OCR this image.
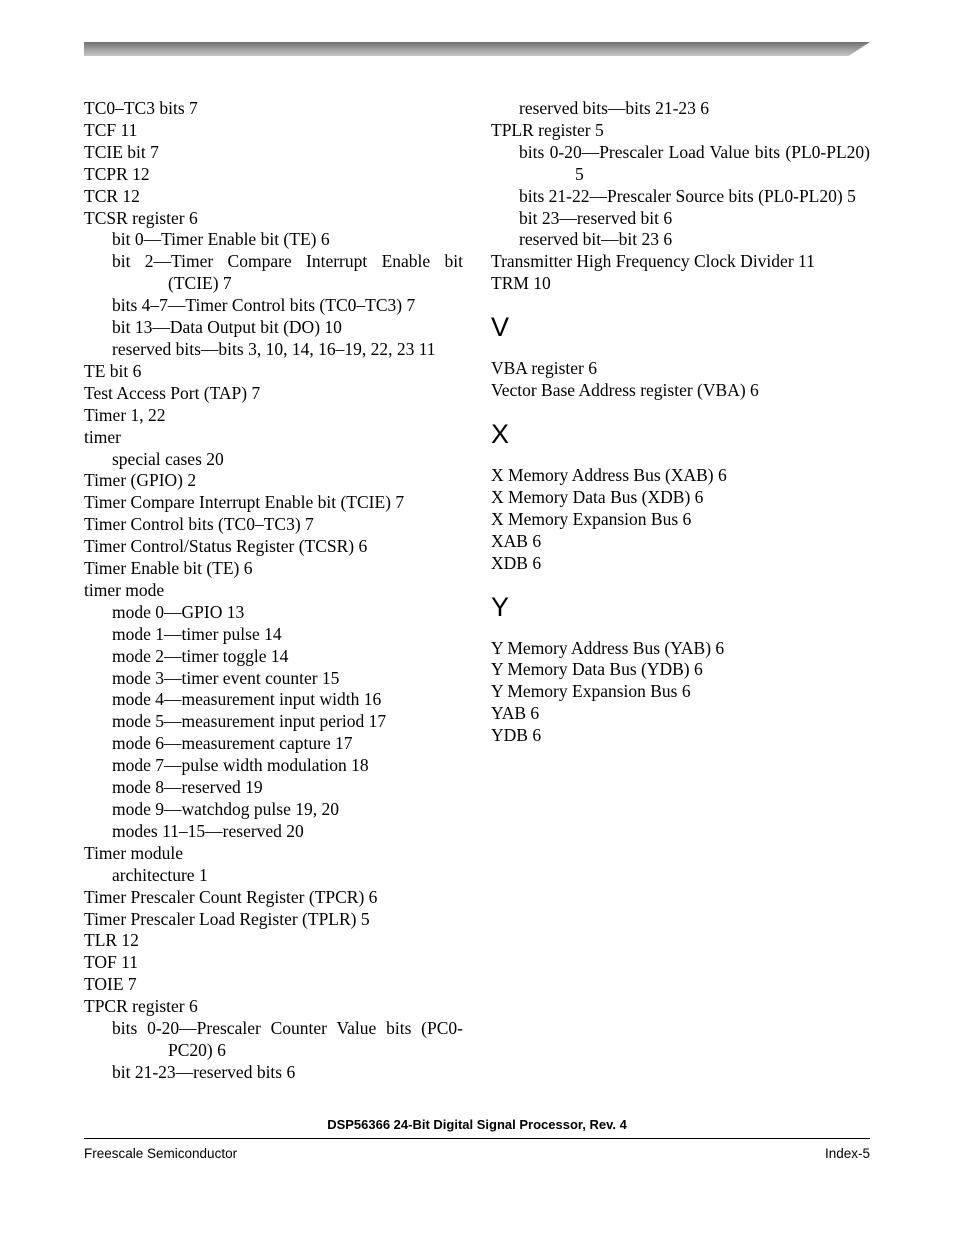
TC0–TC3 bits 7

TCF 11

TCIE bit 7

TCPR 12

TCR 12

TCSR register 6

bit 0—Timer Enable bit (TE) 6

bit 2—Timer Compare Interrupt Enable bit (TCIE) 7

bits 4–7—Timer Control bits (TC0–TC3) 7

bit 13—Data Output bit (DO) 10

reserved bits—bits 3, 10, 14, 16–19, 22, 23 11

TE bit 6

Test Access Port (TAP) 7

Timer 1, 22

timer

special cases 20

Timer (GPIO) 2

Timer Compare Interrupt Enable bit (TCIE) 7

Timer Control bits (TC0–TC3) 7

Timer Control/Status Register (TCSR) 6

Timer Enable bit (TE) 6

timer mode

mode 0—GPIO 13

mode 1—timer pulse 14

mode 2—timer toggle 14

mode 3—timer event counter 15

mode 4—measurement input width 16

mode 5—measurement input period 17

mode 6—measurement capture 17

mode 7—pulse width modulation 18

mode 8—reserved 19

mode 9—watchdog pulse 19, 20

modes 11–15—reserved 20

Timer module

architecture 1

Timer Prescaler Count Register (TPCR) 6

Timer Prescaler Load Register (TPLR) 5

TLR 12

TOF 11

TOIE 7

TPCR register 6

bits 0-20—Prescaler Counter Value bits (PC0-PC20) 6

bit 21-23—reserved bits 6

reserved bits—bits 21-23 6

TPLR register 5

bits 0-20—Prescaler Load Value bits (PL0-PL20) 5

bits 21-22—Prescaler Source bits (PL0-PL20) 5

bit 23—reserved bit 6

reserved bit—bit 23 6

Transmitter High Frequency Clock Divider 11

TRM 10

V

VBA register 6

Vector Base Address register (VBA) 6

X

X Memory Address Bus (XAB) 6

X Memory Data Bus (XDB) 6

X Memory Expansion Bus 6

XAB 6

XDB 6

Y

Y Memory Address Bus (YAB) 6

Y Memory Data Bus (YDB) 6

Y Memory Expansion Bus 6

YAB 6

YDB 6

DSP56366 24-Bit Digital Signal Processor, Rev. 4
Freescale Semiconductor	Index-5
